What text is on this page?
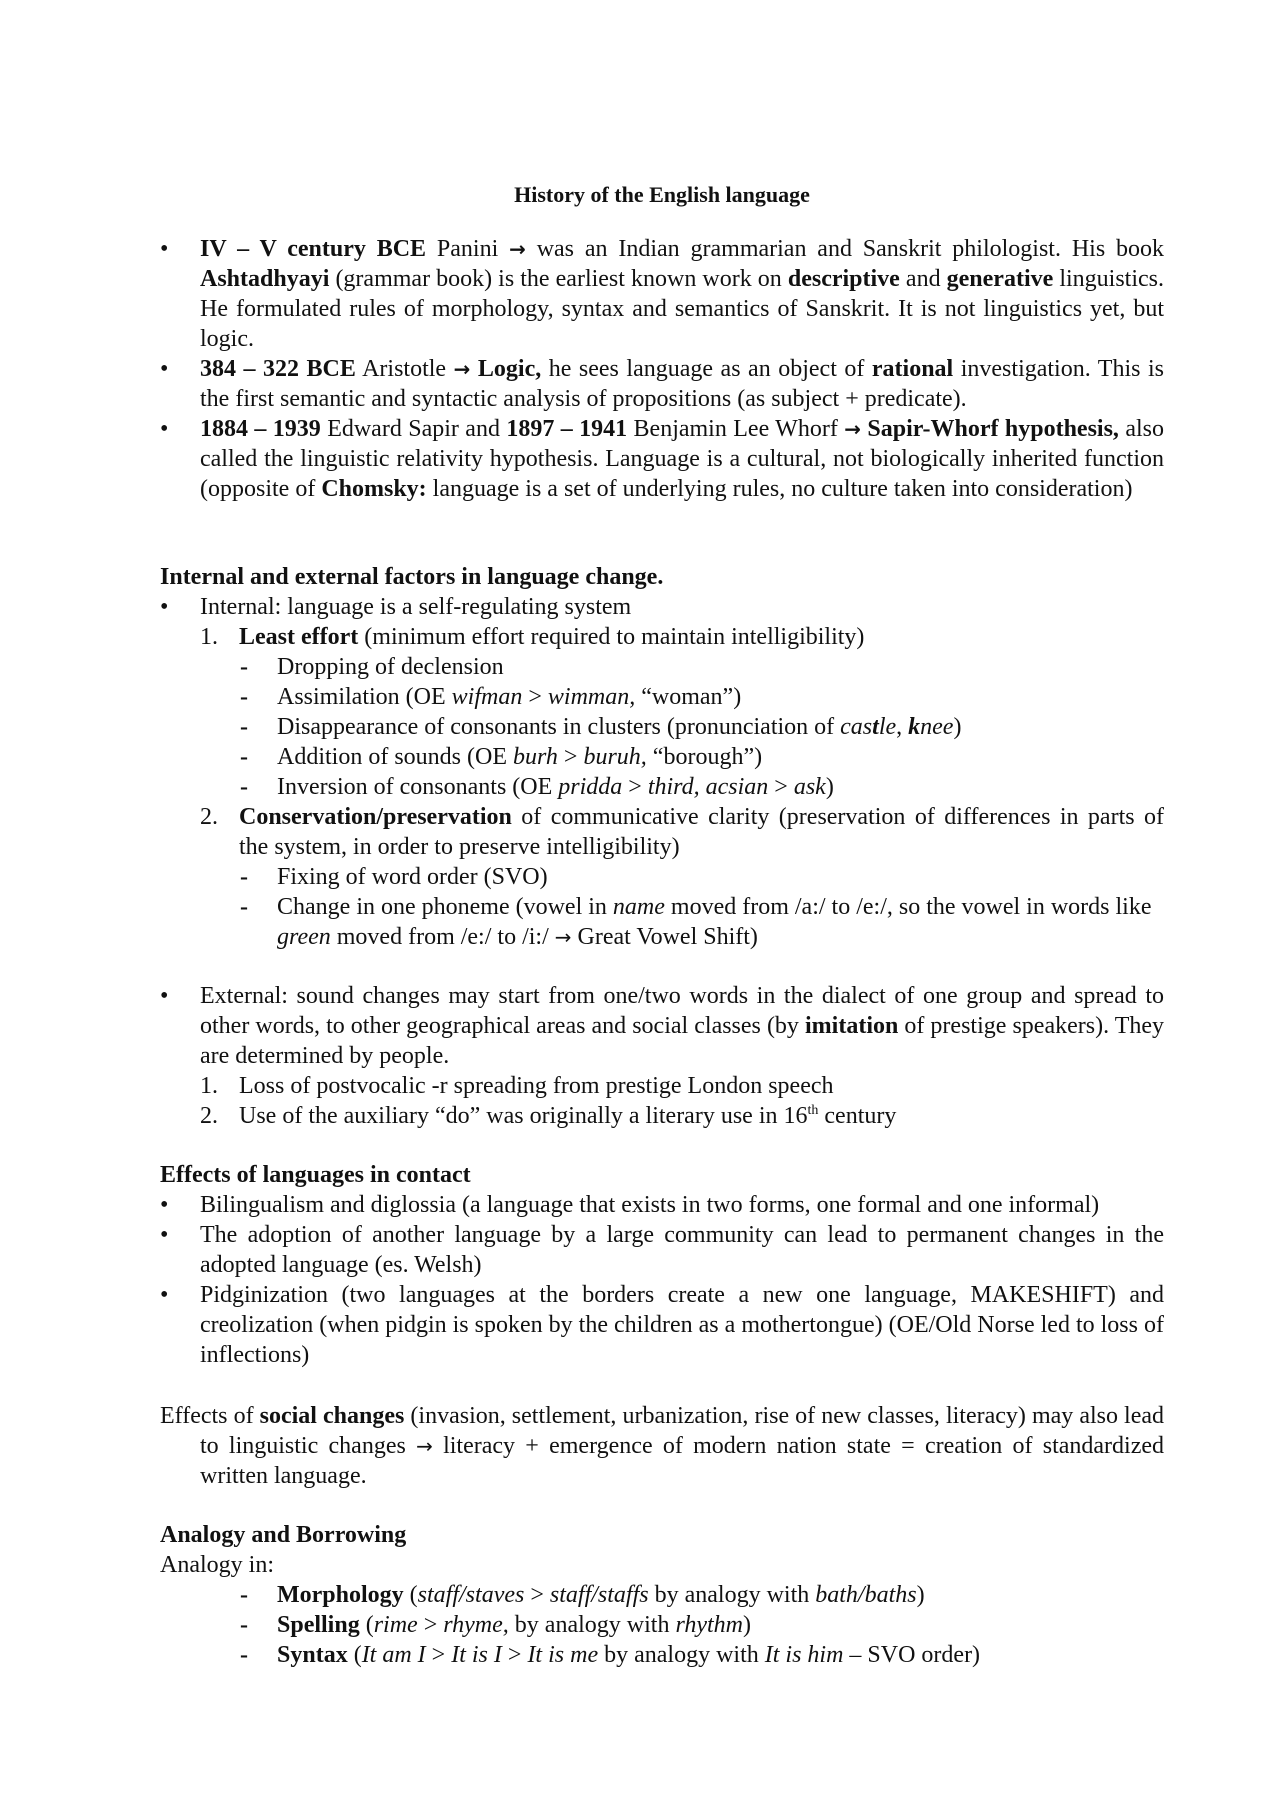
History of the English language
• IV – V century BCE Panini → was an Indian grammarian and Sanskrit philologist. His book Ashtadhyayi (grammar book) is the earliest known work on descriptive and generative linguistics. He formulated rules of morphology, syntax and semantics of Sanskrit. It is not linguistics yet, but logic.
• 384 – 322 BCE Aristotle → Logic, he sees language as an object of rational investigation. This is the first semantic and syntactic analysis of propositions (as subject + predicate).
• 1884 – 1939 Edward Sapir and 1897 – 1941 Benjamin Lee Whorf → Sapir-Whorf hypothesis, also called the linguistic relativity hypothesis. Language is a cultural, not biologically inherited function (opposite of Chomsky: language is a set of underlying rules, no culture taken into consideration)
Internal and external factors in language change.
• Internal: language is a self-regulating system
1. Least effort (minimum effort required to maintain intelligibility)
- Dropping of declension
- Assimilation (OE wifman > wimman, “woman”)
- Disappearance of consonants in clusters (pronunciation of castle, knee)
- Addition of sounds (OE burh > buruh, “borough”)
- Inversion of consonants (OE pridda > third, acsian > ask)
2. Conservation/preservation of communicative clarity (preservation of differences in parts of the system, in order to preserve intelligibility)
- Fixing of word order (SVO)
- Change in one phoneme (vowel in name moved from /a:/ to /e:/, so the vowel in words like green moved from /e:/ to /i:/ → Great Vowel Shift)
• External: sound changes may start from one/two words in the dialect of one group and spread to other words, to other geographical areas and social classes (by imitation of prestige speakers). They are determined by people.
1. Loss of postvocalic -r spreading from prestige London speech
2. Use of the auxiliary “do” was originally a literary use in 16th century
Effects of languages in contact
• Bilingualism and diglossia (a language that exists in two forms, one formal and one informal)
• The adoption of another language by a large community can lead to permanent changes in the adopted language (es. Welsh)
• Pidginization (two languages at the borders create a new one language, MAKESHIFT) and creolization (when pidgin is spoken by the children as a mothertongue) (OE/Old Norse led to loss of inflections)
Effects of social changes (invasion, settlement, urbanization, rise of new classes, literacy) may also lead to linguistic changes → literacy + emergence of modern nation state = creation of standardized written language.
Analogy and Borrowing
Analogy in:
- Morphology (staff/staves > staff/staffs by analogy with bath/baths)
- Spelling (rime > rhyme, by analogy with rhythm)
- Syntax (It am I > It is I > It is me by analogy with It is him – SVO order)
